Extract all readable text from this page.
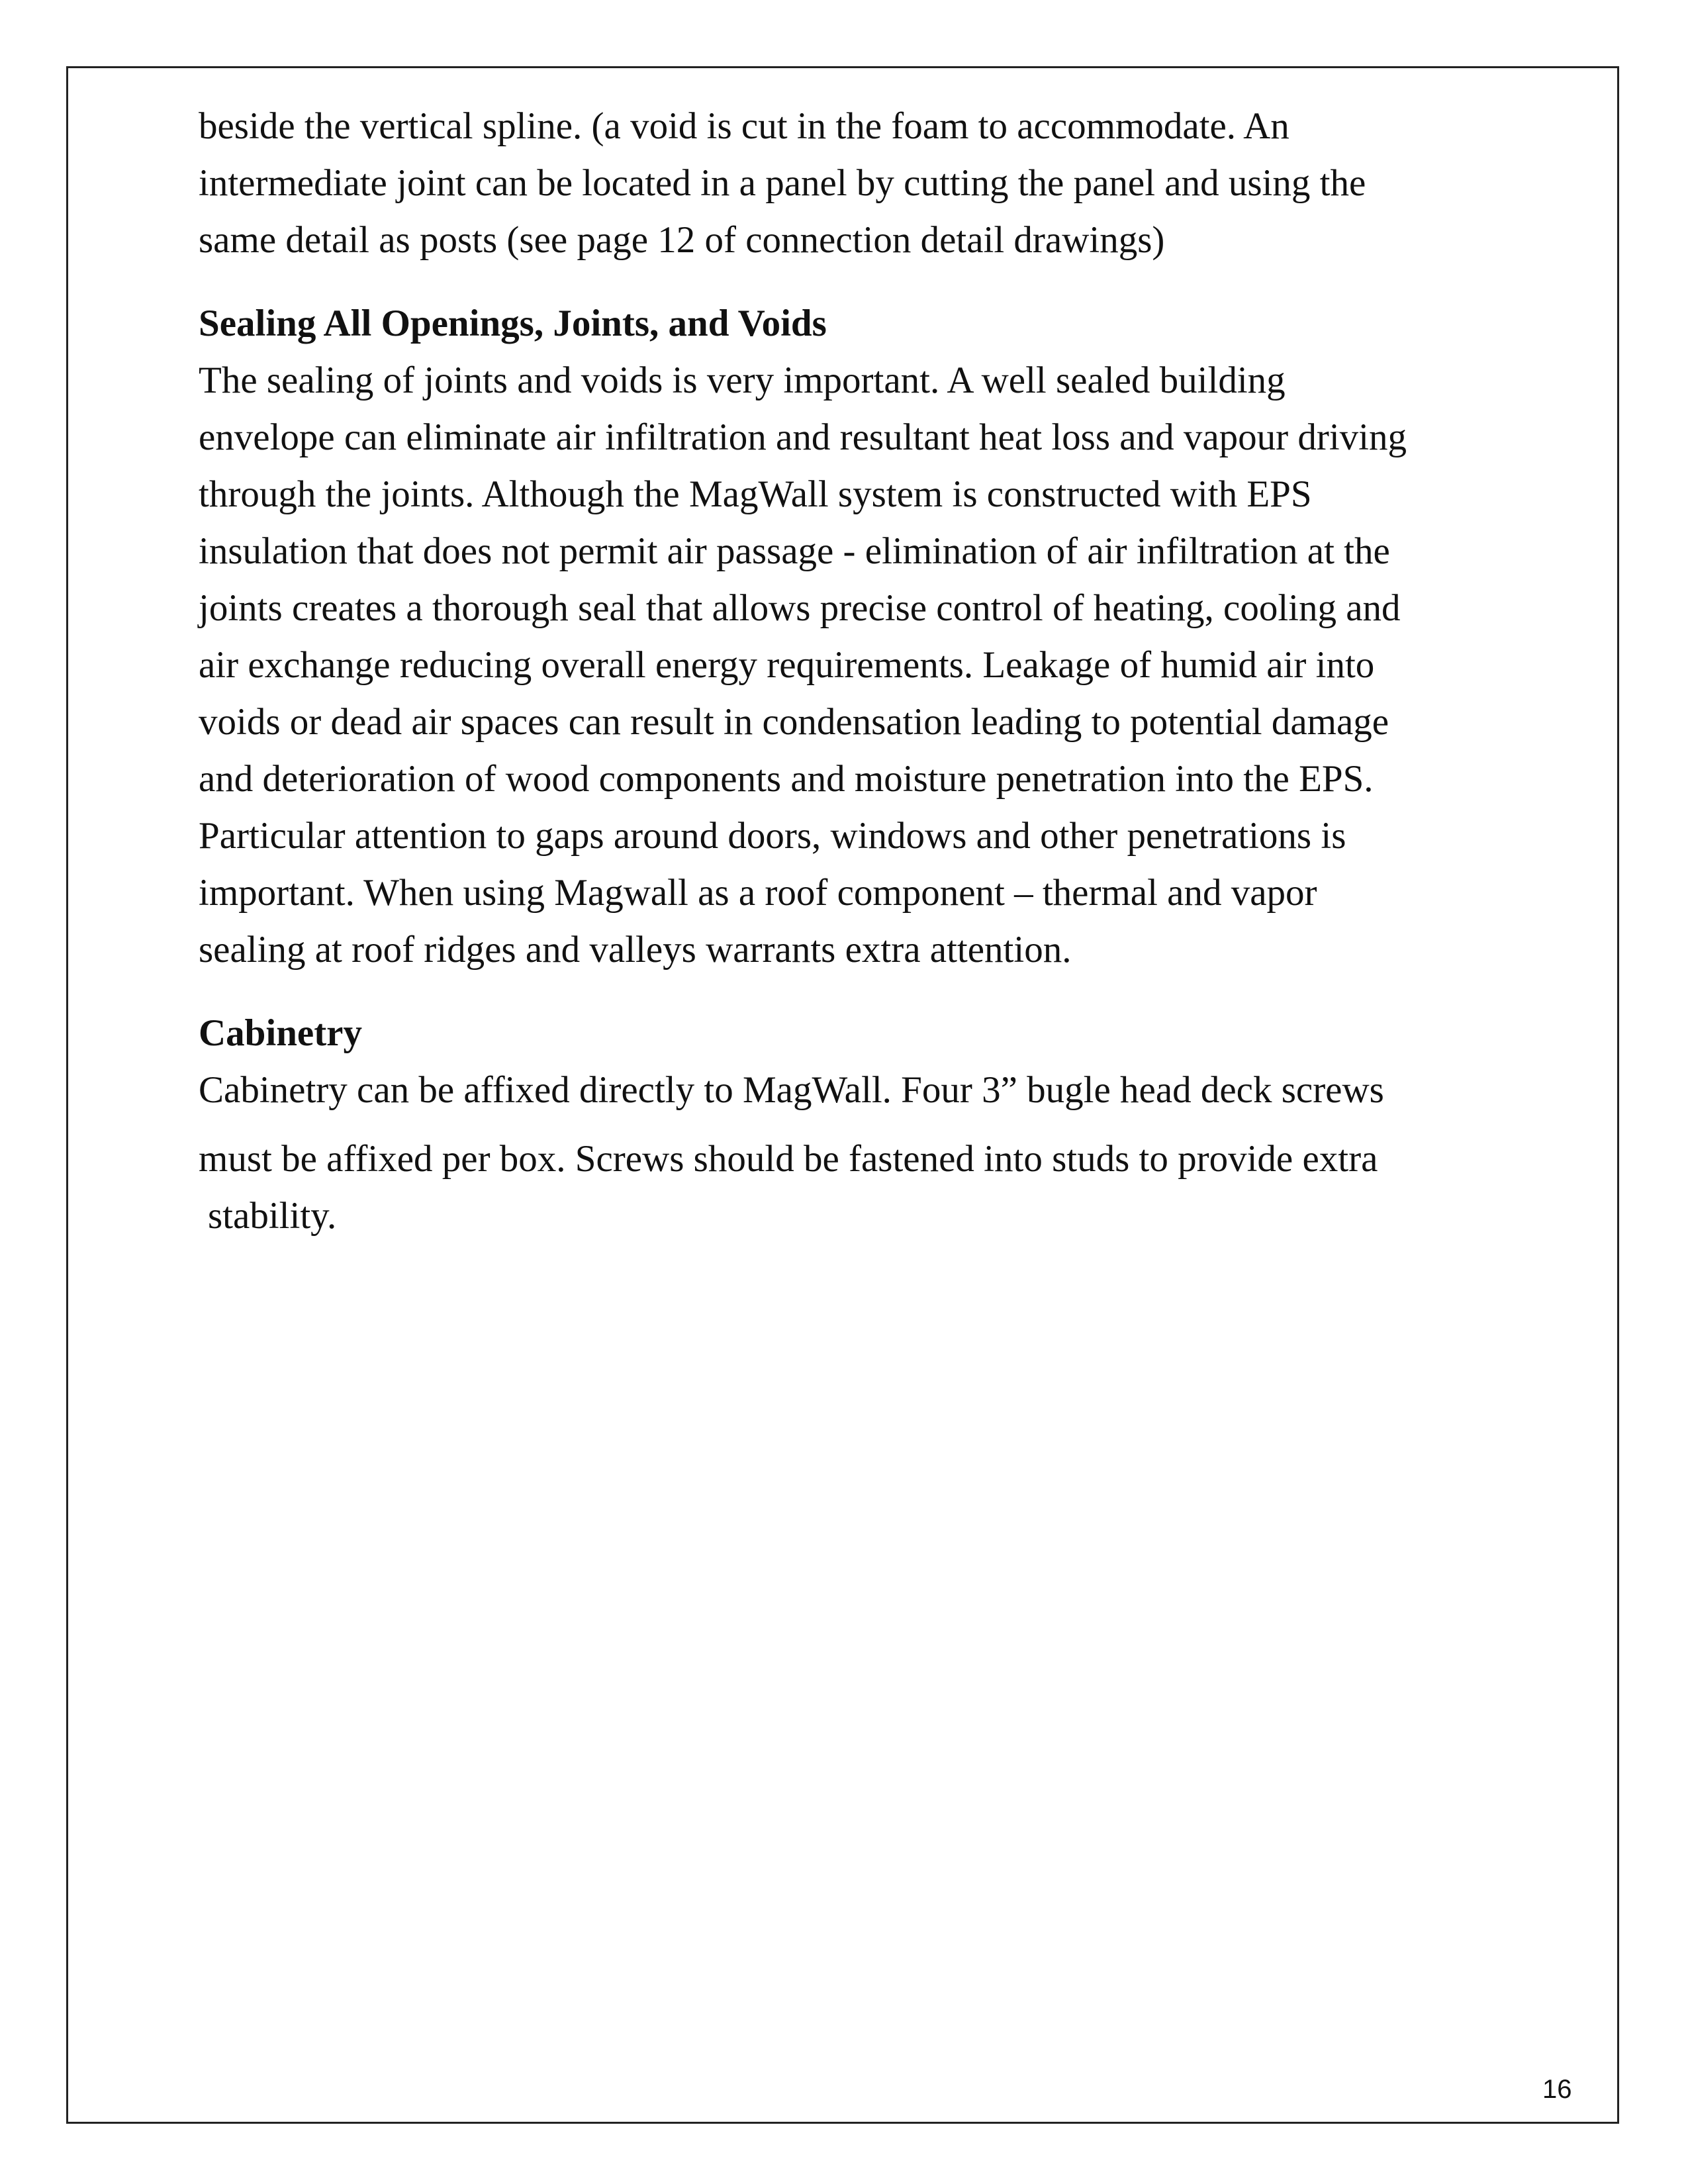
beside the vertical spline. (a void is cut in the foam to accommodate. An
intermediate joint can be located in a panel by cutting the panel and using the
same detail as posts (see page 12 of connection detail drawings)

Sealing All Openings, Joints, and Voids

The sealing of joints and voids is very important. A well sealed building
envelope can eliminate air infiltration and resultant heat loss and vapour driving
through the joints. Although the MagWall system is constructed with EPS
insulation that does not permit air passage - elimination of air infiltration at the
joints creates a thorough seal that allows precise control of heating, cooling and
air exchange reducing overall energy requirements. Leakage of humid air into
voids or dead air spaces can result in condensation leading to potential damage
and deterioration of wood components and moisture penetration into the EPS.
Particular attention to gaps around doors, windows and other penetrations is
important. When using Magwall as a roof component – thermal and vapor
sealing at roof ridges and valleys warrants extra attention.

Cabinetry

Cabinetry can be affixed directly to MagWall. Four 3” bugle head deck screws
must be affixed per box. Screws should be fastened into studs to provide extra
stability.

16
